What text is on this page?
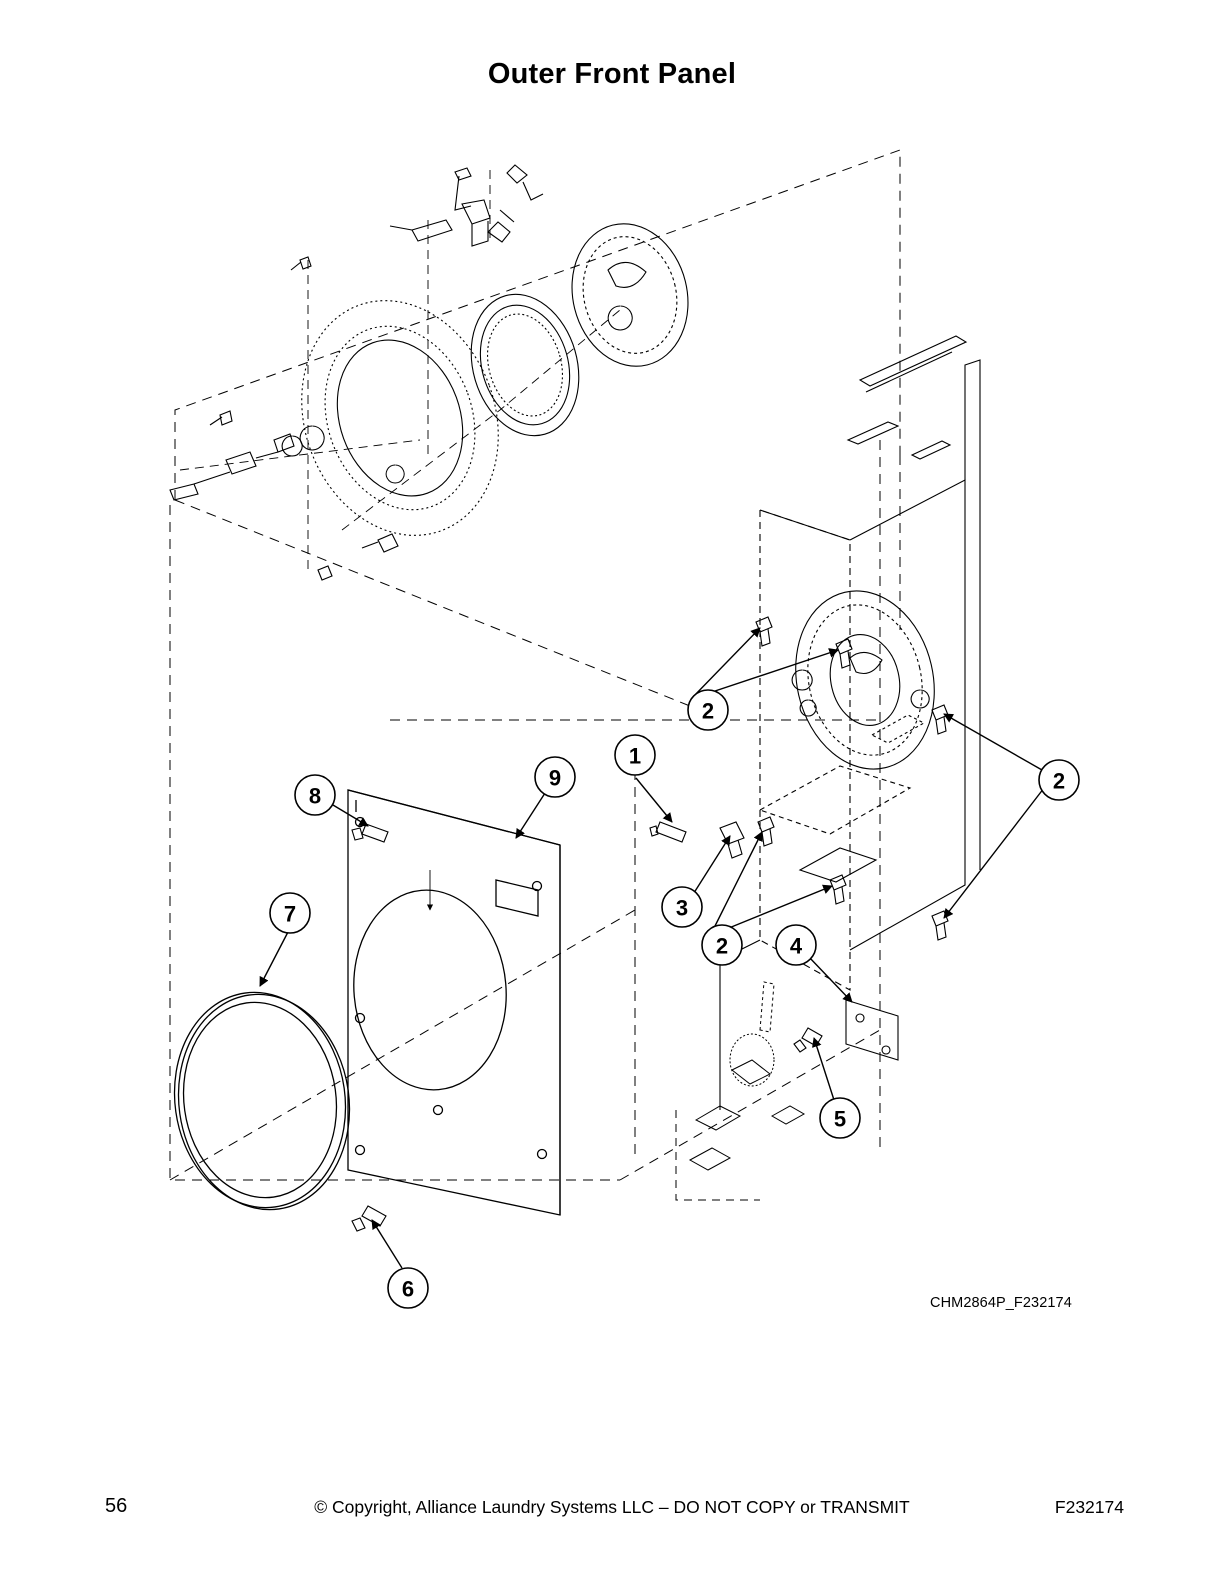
Outer Front Panel
1
2
2
2
3
4
5
6
7
8
9
CHM2864P_F232174
56	© Copyright, Alliance Laundry Systems LLC – DO NOT COPY or TRANSMIT	F232174
